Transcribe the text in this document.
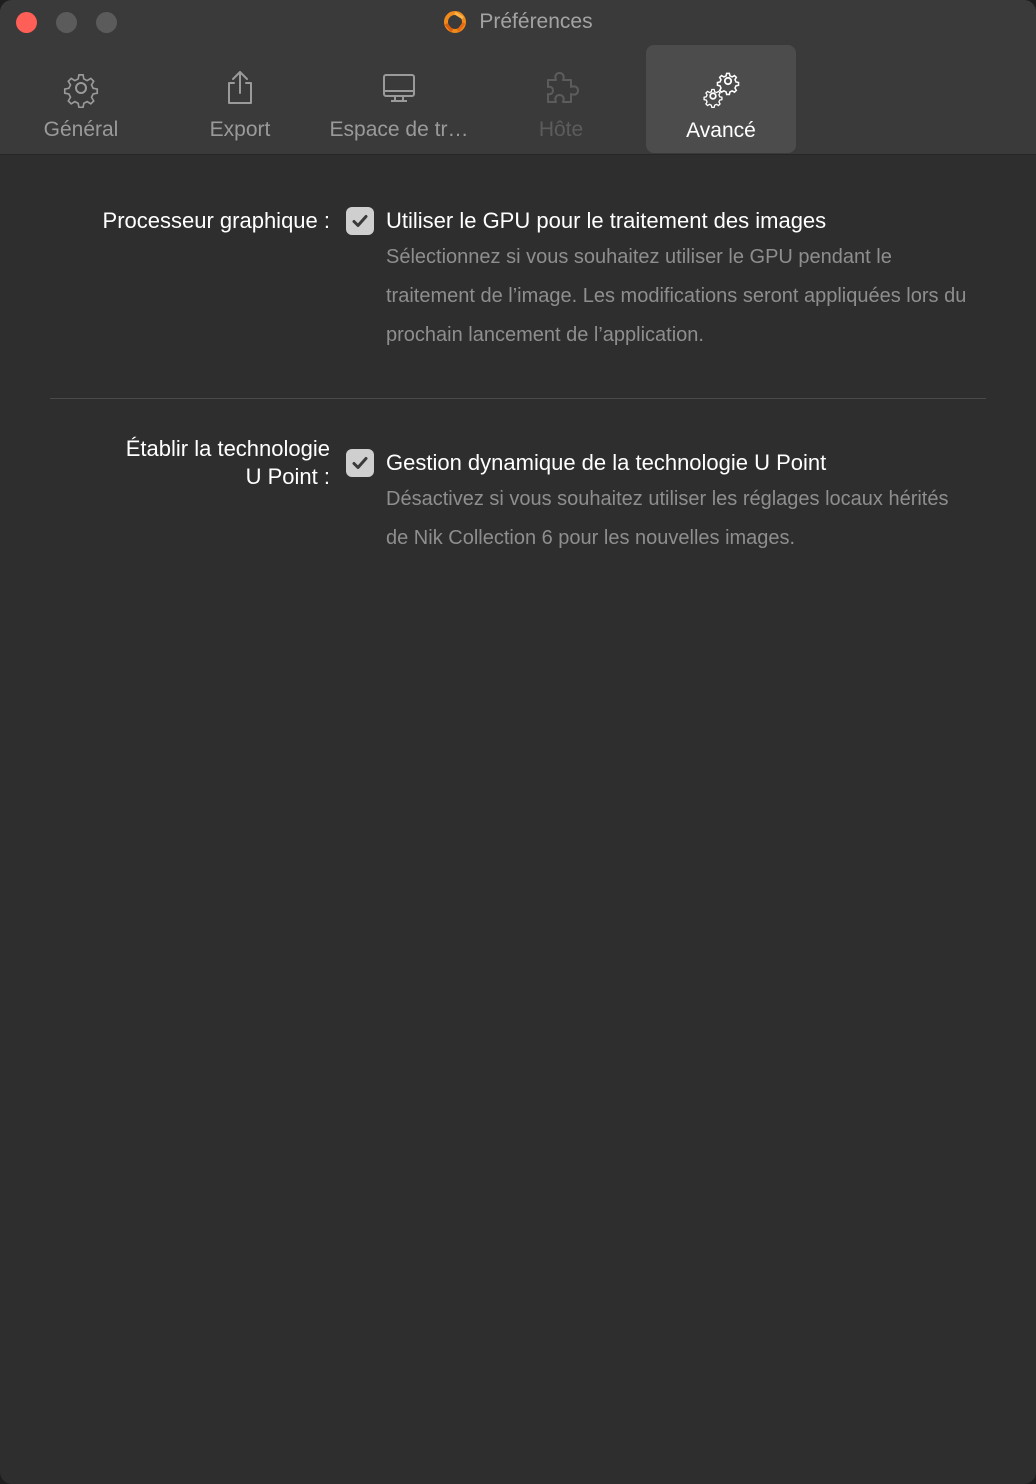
Préférences
Général	Export	Espace de tr…	Hôte	Avancé
Processeur graphique :	Utiliser le GPU pour le traitement des images
Sélectionnez si vous souhaitez utiliser le GPU pendant le traitement de l’image. Les modifications seront appliquées lors du prochain lancement de l’application.
Établir la technologie
U Point :
Gestion dynamique de la technologie U Point
Désactivez si vous souhaitez utiliser les réglages locaux hérités de Nik Collection 6 pour les nouvelles images.
